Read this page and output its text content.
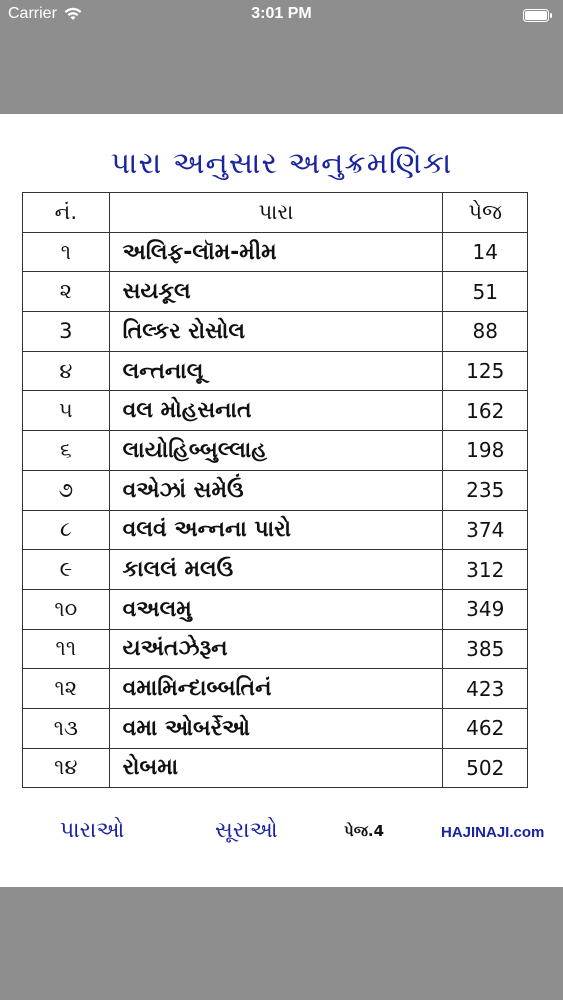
Carrier	3:01 PM
પારા અનુસાર અનુક્રમણિકા
નં.	પારા	પેજ
૧	અલિફ-લૉમ-મીમ	14
૨	સયકૂલ	51
3	તિલ્કર રોસોલ	88
૪	લન્તનાલૂ	125
૫	વલ મોહસનાત	162
૬	લાયોહિબ્બુલ્લાહ	198
૭	વએઝાં સમેઉં	235
૮	વલવં અન્નના પારો	374
૯	કાલલં મલઉ	312
૧૦	વઅલમુ	349
૧૧	યઅંતઝેરૂન	385
૧૨	વમામિન્દાબ્બતિનં	423
૧૩	વમા ઓબર્રેઓ	462
૧૪	રોબમા	502
પારાઓ	સૂરાઓ	પેજ.4	HAJINAJI.com
